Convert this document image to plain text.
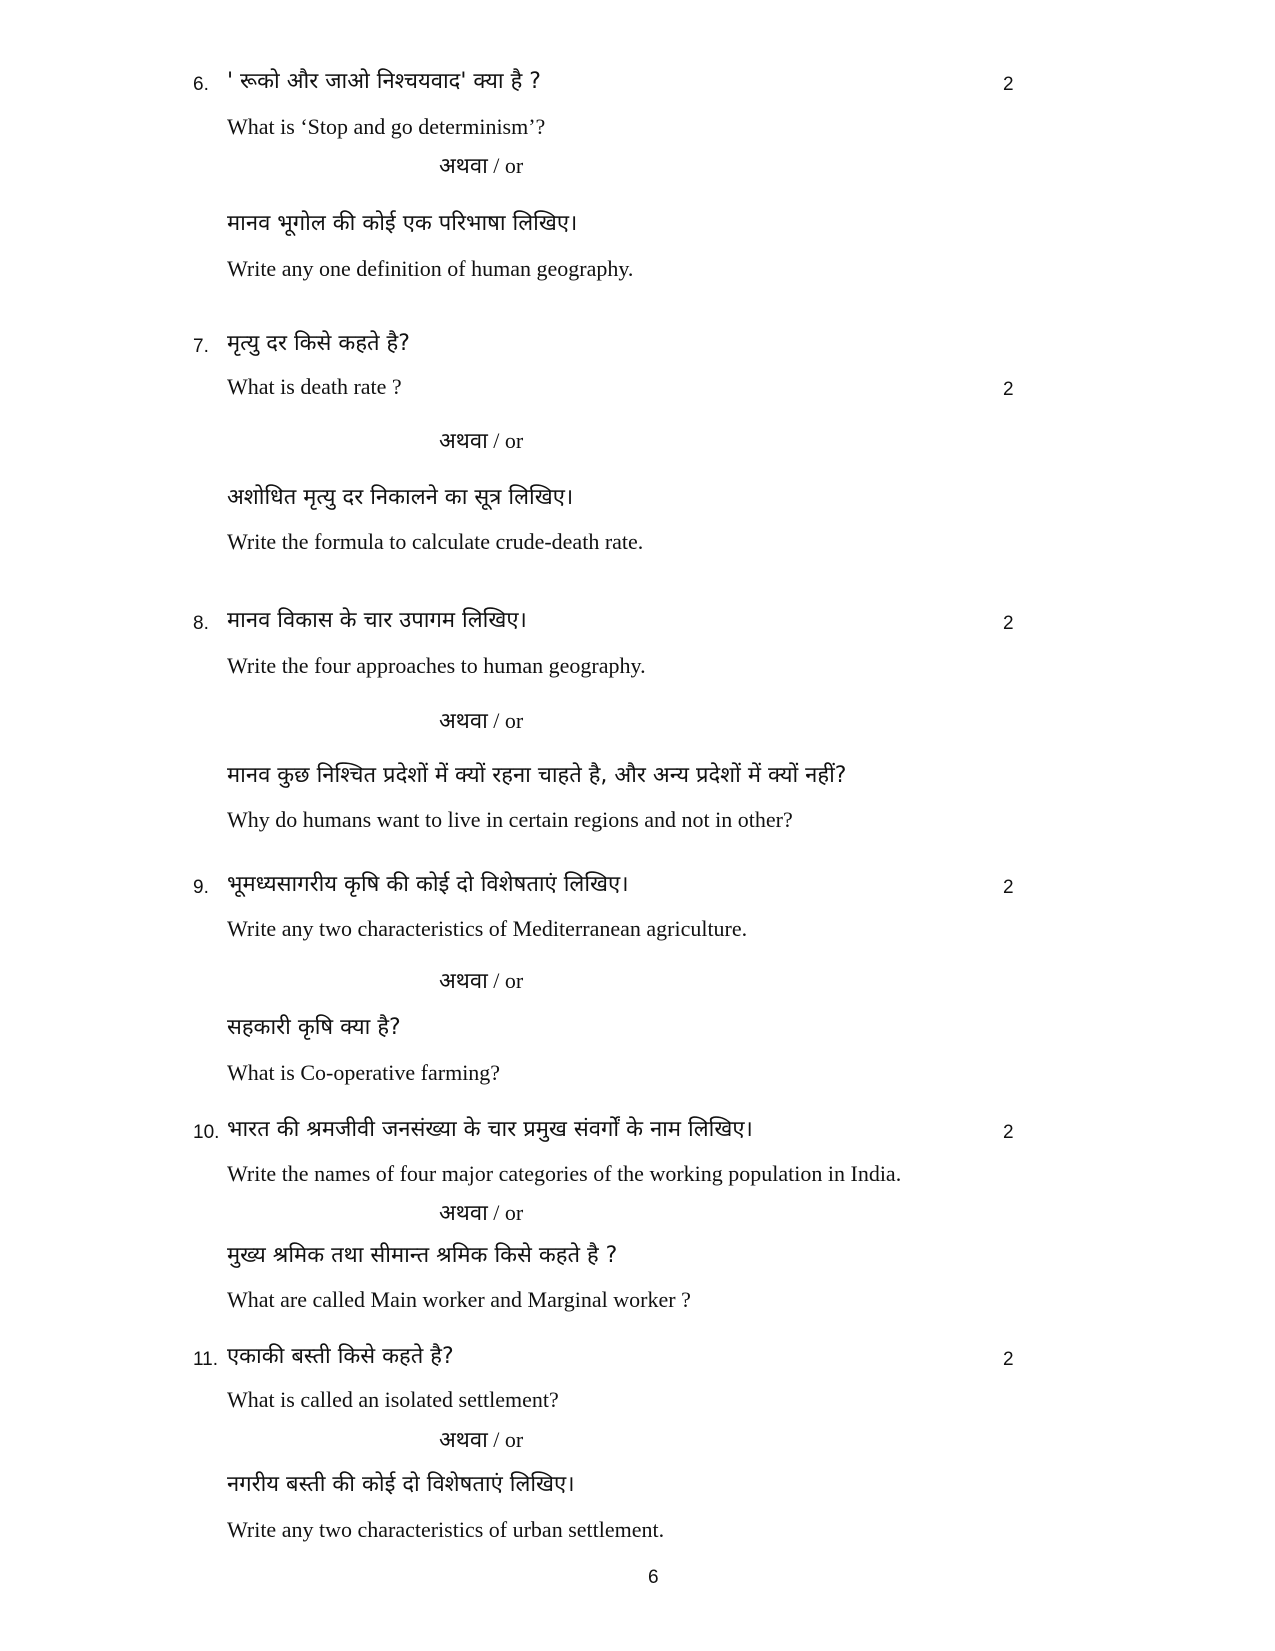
6. ' रूको और जाओ निश्चयवाद' क्या है ?	2
What is ‘Stop and go determinism’?
अथवा / or
मानव भूगोल की कोई एक परिभाषा लिखिए।
Write any one definition of human geography.
7. मृत्यु दर किसे कहते है?
What is death rate ?	2
अथवा / or
अशोधित मृत्यु दर निकालने का सूत्र लिखिए।
Write the formula to calculate crude-death rate.
8. मानव विकास के चार उपागम लिखिए।	2
Write the four approaches to human geography.
अथवा / or
मानव कुछ निश्चित प्रदेशों में क्यों रहना चाहते है, और अन्य प्रदेशों में क्यों नहीं?
Why do humans want to live in certain regions and not in other?
9. भूमध्यसागरीय कृषि की कोई दो विशेषताएं लिखिए।	2
Write any two characteristics of Mediterranean agriculture.
अथवा / or
सहकारी कृषि क्या है?
What is Co-operative farming?
10. भारत की श्रमजीवी जनसंख्या के चार प्रमुख संवर्गों के नाम लिखिए।	2
Write the names of four major categories of the working population in India.
अथवा / or
मुख्य श्रमिक तथा सीमान्त श्रमिक किसे कहते है ?
What are called Main worker and Marginal worker ?
11. एकाकी बस्ती किसे कहते है?	2
What is called an isolated settlement?
अथवा / or
नगरीय बस्ती की कोई दो विशेषताएं लिखिए।
Write any two characteristics of urban settlement.
6
